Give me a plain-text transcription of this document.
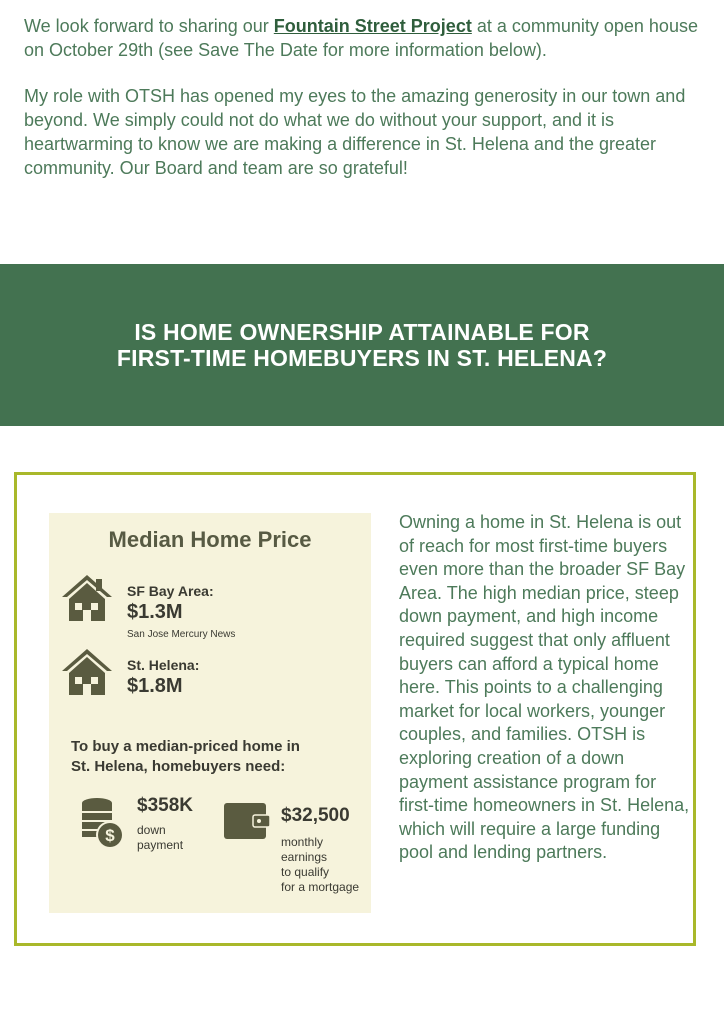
We look forward to sharing our Fountain Street Project at a community open house on October 29th (see Save The Date for more information below).

My role with OTSH has opened my eyes to the amazing generosity in our town and beyond. We simply could not do what we do without your support, and it is heartwarming to know we are making a difference in St. Helena and the greater community. Our Board and team are so grateful!

IS HOME OWNERSHIP ATTAINABLE FOR
FIRST-TIME HOMEBUYERS IN ST. HELENA?
Median Home Price
SF Bay Area:
$1.3M
San Jose Mercury News
St. Helena:
$1.8M
To buy a median-priced home in
St. Helena, homebuyers need:
$
$358K
down
payment
$32,500
monthly
earnings
to qualify
for a mortgage
Owning a home in St. Helena is out of reach for most first-time buyers even more than the broader SF Bay Area. The high median price, steep down payment, and high income required suggest that only affluent buyers can afford a typical home here. This points to a challenging market for local workers, younger couples, and families. OTSH is exploring creation of a down payment assistance program for first-time homeowners in St. Helena, which will require a large funding pool and lending partners.
